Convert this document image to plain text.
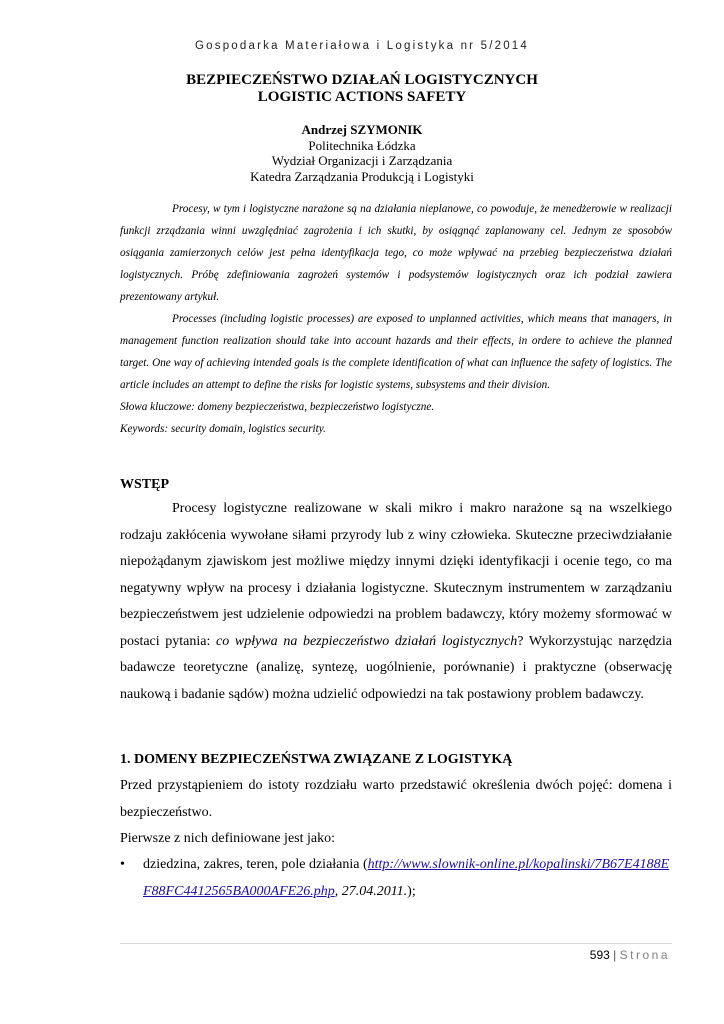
Gospodarka Materiałowa i Logistyka nr 5/2014
BEZPIECZEŃSTWO DZIAŁAŃ LOGISTYCZNYCH
LOGISTIC ACTIONS SAFETY
Andrzej SZYMONIK
Politechnika Łódzka
Wydział Organizacji i Zarządzania
Katedra Zarządzania Produkcją i Logistyki

Procesy, w tym i logistyczne narażone są na działania nieplanowe, co powoduje, że menedżerowie w realizacji funkcji zrządzania winni uwzględniać zagrożenia i ich skutki, by osiągnąć zaplanowany cel. Jednym ze sposobów osiągania zamierzonych celów jest pełna identyfikacja tego, co może wpływać na przebieg bezpieczeństwa działań logistycznych. Próbę zdefiniowania zagrożeń systemów i podsystemów logistycznych oraz ich podział zawiera prezentowany artykuł.

Processes (including logistic processes) are exposed to unplanned activities, which means that managers, in management function realization should take into account hazards and their effects, in ordere to achieve the planned target. One way of achieving intended goals is the complete identification of what can influence the safety of logistics. The article includes an attempt to define the risks for logistic systems, subsystems and their division.

Słowa kluczowe: domeny bezpieczeństwa, bezpieczeństwo logistyczne.

Keywords: security domain, logistics security.

WSTĘP

Procesy logistyczne realizowane w skali mikro i makro narażone są na wszelkiego rodzaju zakłócenia wywołane siłami przyrody lub z winy człowieka. Skuteczne przeciwdziałanie niepożądanym zjawiskom jest możliwe między innymi dzięki identyfikacji i ocenie tego, co ma negatywny wpływ na procesy i działania logistyczne. Skutecznym instrumentem w zarządzaniu bezpieczeństwem jest udzielenie odpowiedzi na problem badawczy, który możemy sformować w postaci pytania: co wpływa na bezpieczeństwo działań logistycznych? Wykorzystując narzędzia badawcze teoretyczne (analizę, syntezę, uogólnienie, porównanie) i praktyczne (obserwację naukową i badanie sądów) można udzielić odpowiedzi na tak postawiony problem badawczy.

1. DOMENY BEZPIECZEŃSTWA ZWIĄZANE Z LOGISTYKĄ

Przed przystąpieniem do istoty rozdziału warto przedstawić określenia dwóch pojęć: domena i bezpieczeństwo.

Pierwsze z nich definiowane jest jako:

• dziedzina, zakres, teren, pole działania (http://www.slownik-online.pl/kopalinski/7B67E4188EF88FC4412565BA000AFE26.php, 27.04.2011.);
593 | Strona
